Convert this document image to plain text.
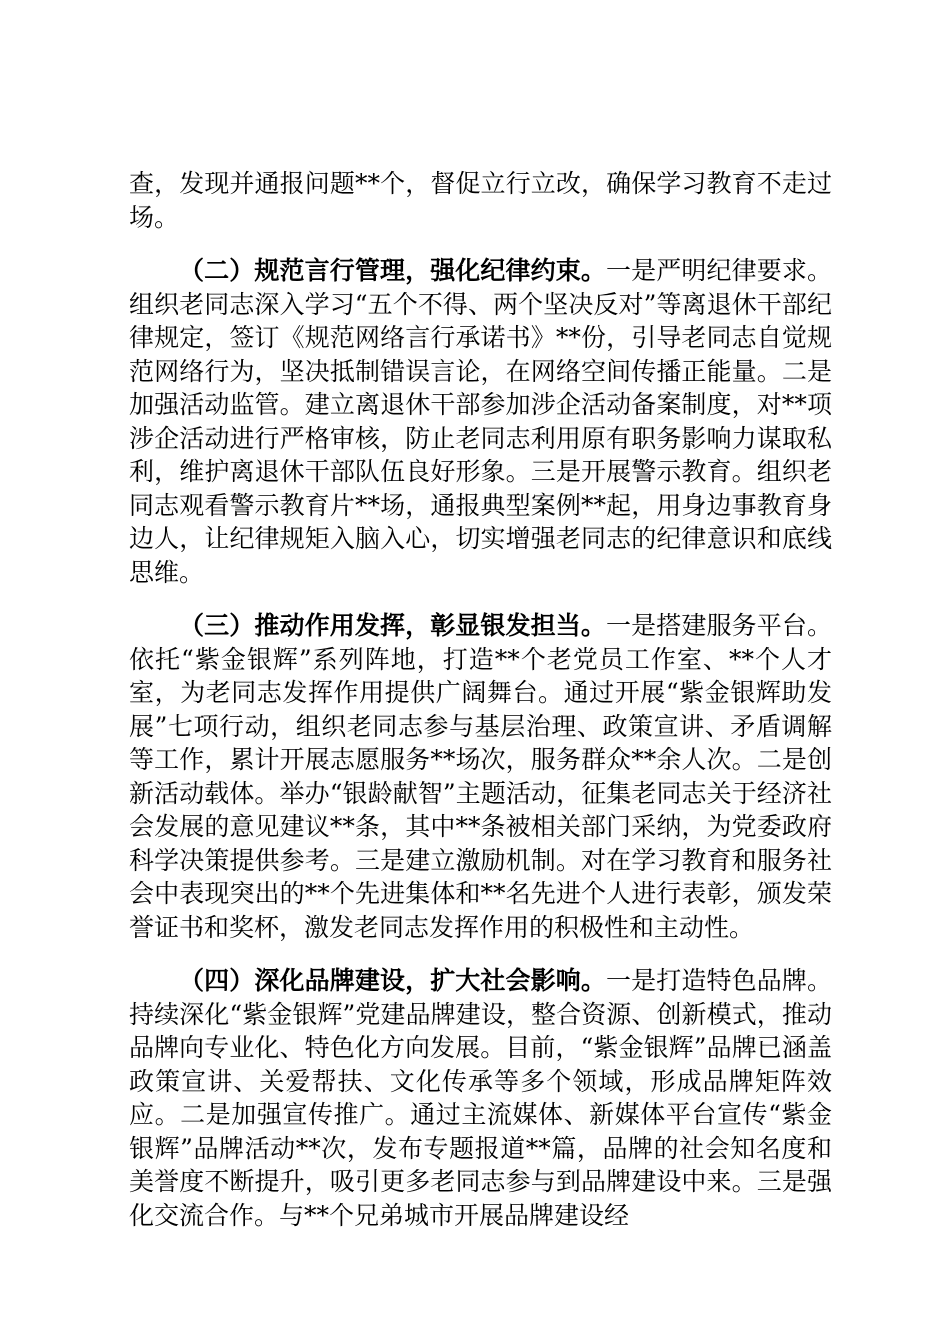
查，发现并通报问题**个，督促立行立改，确保学习教育不走过场。

（二）规范言行管理，强化纪律约束。一是严明纪律要求。组织老同志深入学习“五个不得、两个坚决反对”等离退休干部纪律规定，签订《规范网络言行承诺书》**份，引导老同志自觉规范网络行为，坚决抵制错误言论，在网络空间传播正能量。二是加强活动监管。建立离退休干部参加涉企活动备案制度，对**项涉企活动进行严格审核，防止老同志利用原有职务影响力谋取私利，维护离退休干部队伍良好形象。三是开展警示教育。组织老同志观看警示教育片**场，通报典型案例**起，用身边事教育身边人，让纪律规矩入脑入心，切实增强老同志的纪律意识和底线思维。

（三）推动作用发挥，彰显银发担当。一是搭建服务平台。依托“紫金银辉”系列阵地，打造**个老党员工作室、**个人才室，为老同志发挥作用提供广阔舞台。通过开展“紫金银辉助发展”七项行动，组织老同志参与基层治理、政策宣讲、矛盾调解等工作，累计开展志愿服务**场次，服务群众**余人次。二是创新活动载体。举办“银龄献智”主题活动，征集老同志关于经济社会发展的意见建议**条，其中**条被相关部门采纳，为党委政府科学决策提供参考。三是建立激励机制。对在学习教育和服务社会中表现突出的**个先进集体和**名先进个人进行表彰，颁发荣誉证书和奖杯，激发老同志发挥作用的积极性和主动性。

（四）深化品牌建设，扩大社会影响。一是打造特色品牌。持续深化“紫金银辉”党建品牌建设，整合资源、创新模式，推动品牌向专业化、特色化方向发展。目前，“紫金银辉”品牌已涵盖政策宣讲、关爱帮扶、文化传承等多个领域，形成品牌矩阵效应。二是加强宣传推广。通过主流媒体、新媒体平台宣传“紫金银辉”品牌活动**次，发布专题报道**篇，品牌的社会知名度和美誉度不断提升，吸引更多老同志参与到品牌建设中来。三是强化交流合作。与**个兄弟城市开展品牌建设经
